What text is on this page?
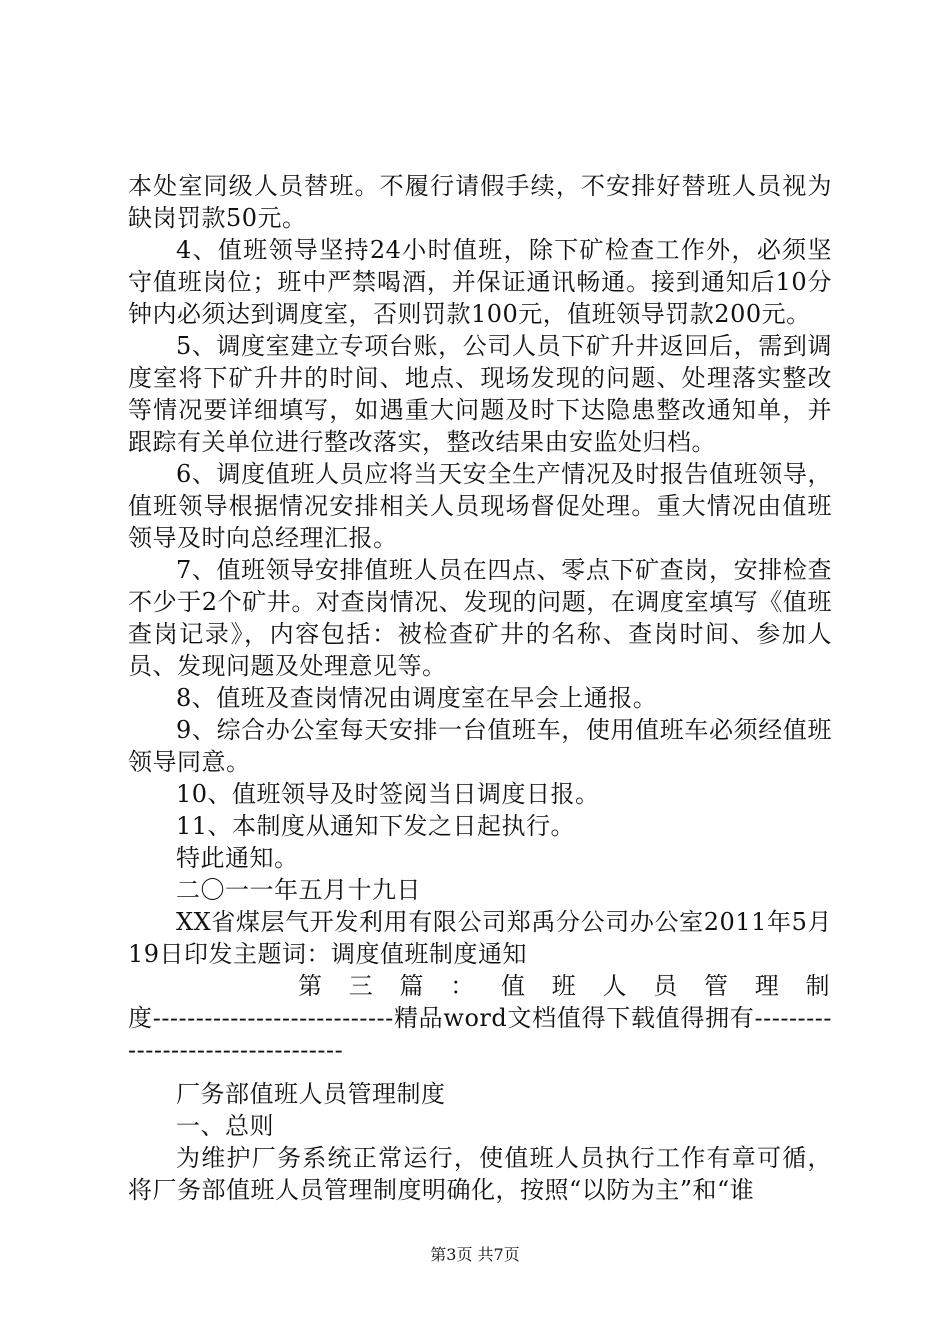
本处室同级人员替班。不履行请假手续，不安排好替班人员视为缺岗罚款50元。

4、值班领导坚持24小时值班，除下矿检查工作外，必须坚守值班岗位；班中严禁喝酒，并保证通讯畅通。接到通知后10分钟内必须达到调度室，否则罚款100元，值班领导罚款200元。

5、调度室建立专项台账，公司人员下矿升井返回后，需到调度室将下矿升井的时间、地点、现场发现的问题、处理落实整改等情况要详细填写，如遇重大问题及时下达隐患整改通知单，并跟踪有关单位进行整改落实，整改结果由安监处归档。

6、调度值班人员应将当天安全生产情况及时报告值班领导，值班领导根据情况安排相关人员现场督促处理。重大情况由值班领导及时向总经理汇报。

7、值班领导安排值班人员在四点、零点下矿查岗，安排检查不少于2个矿井。对查岗情况、发现的问题，在调度室填写《值班查岗记录》，内容包括：被检查矿井的名称、查岗时间、参加人员、发现问题及处理意见等。

8、值班及查岗情况由调度室在早会上通报。

9、综合办公室每天安排一台值班车，使用值班车必须经值班领导同意。

10、值班领导及时签阅当日调度日报。

11、本制度从通知下发之日起执行。

特此通知。

二〇一一年五月十九日

XX省煤层气开发利用有限公司郑禹分公司办公室2011年5月19日印发主题词：调度值班制度通知

第 三 篇 ： 值 班 人 员 管 理 制

度----------------------------精品word文档值得下载值得拥有----------------------------------

厂务部值班人员管理制度

一、总则

为维护厂务系统正常运行，使值班人员执行工作有章可循，将厂务部值班人员管理制度明确化，按照“以防为主”和“谁

第3页 共7页
